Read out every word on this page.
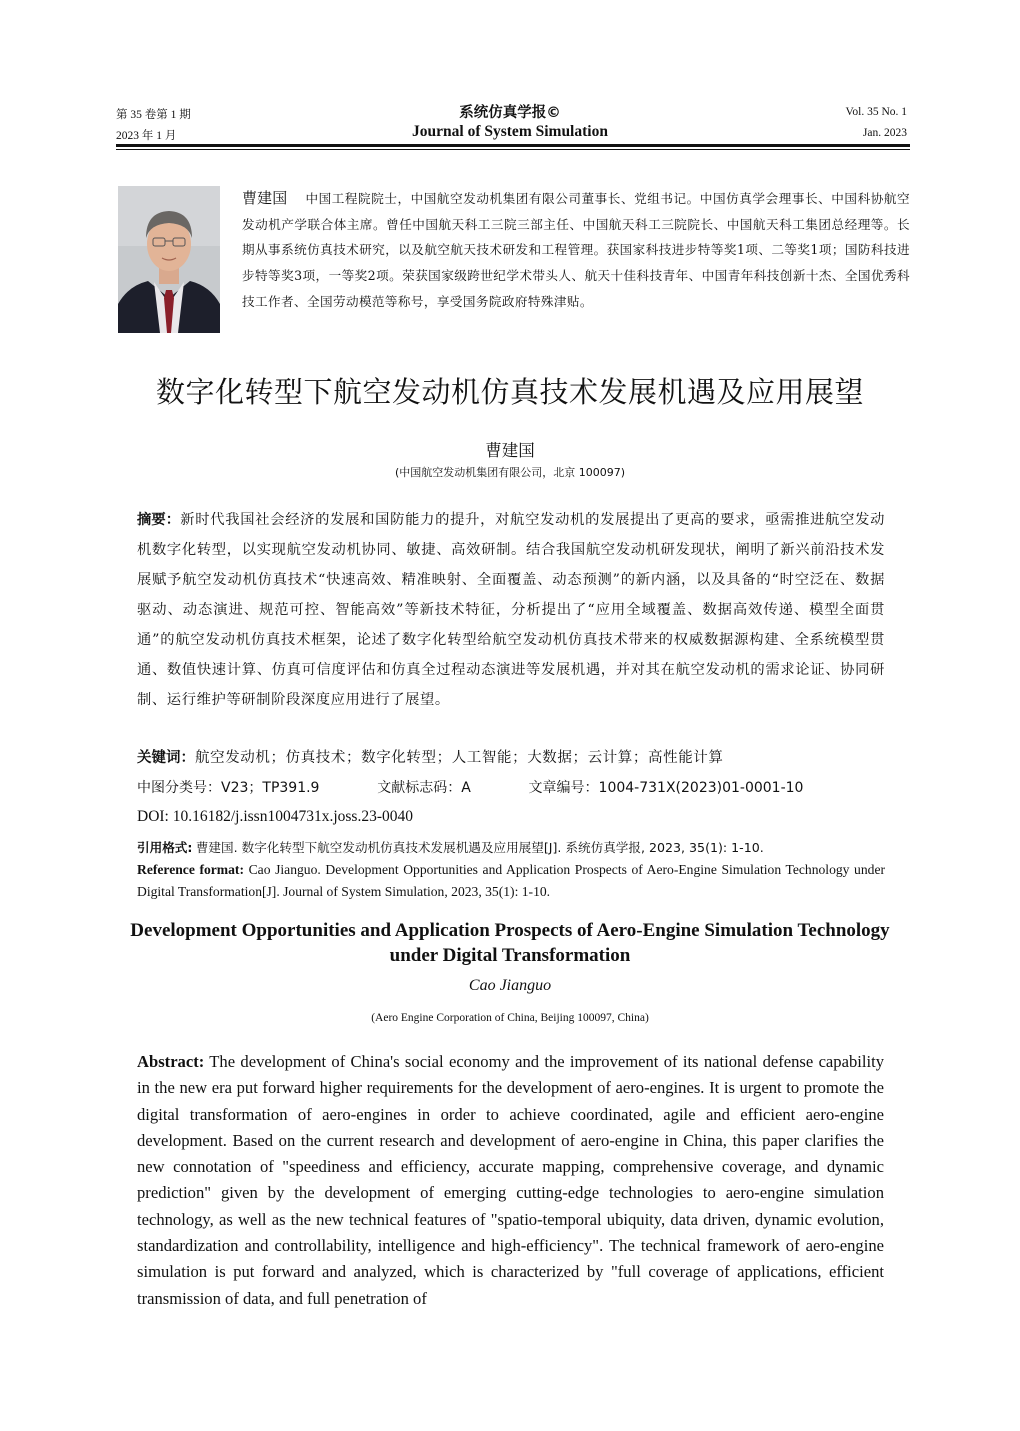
第 35 卷第 1 期
2023 年 1 月
系统仿真学报©
Journal of System Simulation
Vol. 35 No. 1
Jan. 2023
曹建国 中国工程院院士，中国航空发动机集团有限公司董事长、党组书记。中国仿真学会理事长、中国科协航空发动机产学联合体主席。曾任中国航天科工三院三部主任、中国航天科工三院院长、中国航天科工集团总经理等。长期从事系统仿真技术研究，以及航空航天技术研发和工程管理。获国家科技进步特等奖1项、二等奖1项；国防科技进步特等奖3项，一等奖2项。荣获国家级跨世纪学术带头人、航天十佳科技青年、中国青年科技创新十杰、全国优秀科技工作者、全国劳动模范等称号，享受国务院政府特殊津贴。
数字化转型下航空发动机仿真技术发展机遇及应用展望
曹建国
(中国航空发动机集团有限公司，北京 100097)
摘要：新时代我国社会经济的发展和国防能力的提升，对航空发动机的发展提出了更高的要求，亟需推进航空发动机数字化转型，以实现航空发动机协同、敏捷、高效研制。结合我国航空发动机研发现状，阐明了新兴前沿技术发展赋予航空发动机仿真技术“快速高效、精准映射、全面覆盖、动态预测”的新内涵，以及具备的“时空泛在、数据驱动、动态演进、规范可控、智能高效”等新技术特征，分析提出了“应用全域覆盖、数据高效传递、模型全面贯通”的航空发动机仿真技术框架，论述了数字化转型给航空发动机仿真技术带来的权威数据源构建、全系统模型贯通、数值快速计算、仿真可信度评估和仿真全过程动态演进等发展机遇，并对其在航空发动机的需求论证、协同研制、运行维护等研制阶段深度应用进行了展望。
关键词：航空发动机；仿真技术；数字化转型；人工智能；大数据；云计算；高性能计算
中图分类号：V23；TP391.9	文献标志码：A	文章编号：1004-731X(2023)01-0001-10
DOI: 10.16182/j.issn1004731x.joss.23-0040
引用格式: 曹建国. 数字化转型下航空发动机仿真技术发展机遇及应用展望[J]. 系统仿真学报, 2023, 35(1): 1-10.
Reference format: Cao Jianguo. Development Opportunities and Application Prospects of Aero-Engine Simulation Technology under Digital Transformation[J]. Journal of System Simulation, 2023, 35(1): 1-10.
Development Opportunities and Application Prospects of Aero-Engine Simulation Technology under Digital Transformation
Cao Jianguo
(Aero Engine Corporation of China, Beijing 100097, China)
Abstract: The development of China's social economy and the improvement of its national defense capability in the new era put forward higher requirements for the development of aero-engines. It is urgent to promote the digital transformation of aero-engines in order to achieve coordinated, agile and efficient aero-engine development. Based on the current research and development of aero-engine in China, this paper clarifies the new connotation of "speediness and efficiency, accurate mapping, comprehensive coverage, and dynamic prediction" given by the development of emerging cutting-edge technologies to aero-engine simulation technology, as well as the new technical features of "spatio-temporal ubiquity, data driven, dynamic evolution, standardization and controllability, intelligence and high-efficiency". The technical framework of aero-engine simulation is put forward and analyzed, which is characterized by "full coverage of applications, efficient transmission of data, and full penetration of
